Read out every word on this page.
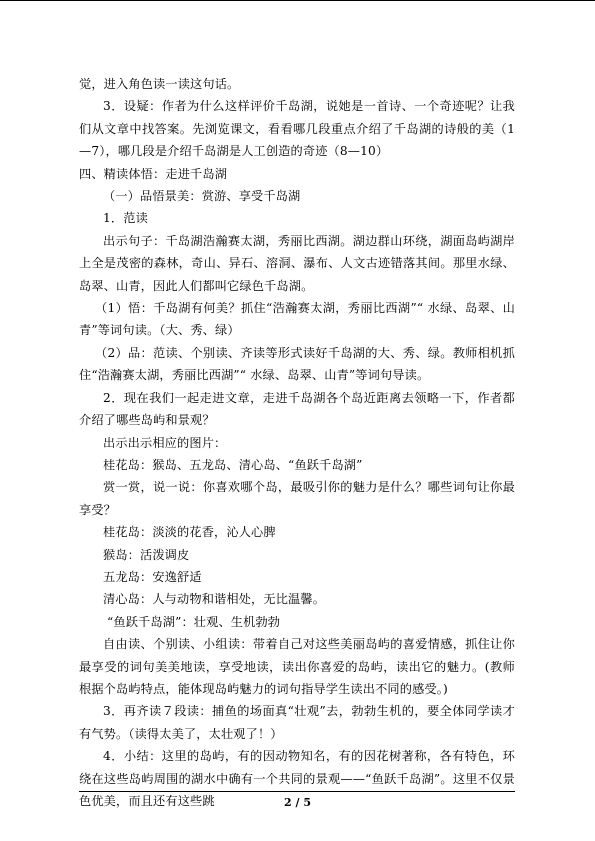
觉，进入角色读一读这句话。

3．设疑：作者为什么这样评价千岛湖，说她是一首诗、一个奇迹呢？让我们从文章中找答案。先浏览课文，看看哪几段重点介绍了千岛湖的诗般的美（1—7），哪几段是介绍千岛湖是人工创造的奇迹（8—10）

四、精读体悟：走进千岛湖

（一）品悟景美：赏游、享受千岛湖

1．范读

出示句子：千岛湖浩瀚赛太湖，秀丽比西湖。湖边群山环绕，湖面岛屿湖岸上全是茂密的森林，奇山、异石、溶洞、瀑布、人文古迹错落其间。那里水绿、岛翠、山青，因此人们都叫它绿色千岛湖。

（1）悟：千岛湖有何美？抓住“浩瀚赛太湖，秀丽比西湖”“ 水绿、岛翠、山青”等词句读。（大、秀、绿）

（2）品：范读、个别读、齐读等形式读好千岛湖的大、秀、绿。教师相机抓住“浩瀚赛太湖，秀丽比西湖”“ 水绿、岛翠、山青”等词句导读。

2．现在我们一起走进文章，走进千岛湖各个岛近距离去领略一下，作者都介绍了哪些岛屿和景观？

出示出示相应的图片：

桂花岛：猴岛、五龙岛、清心岛、“鱼跃千岛湖”

赏一赏，说一说：你喜欢哪个岛，最吸引你的魅力是什么？哪些词句让你最享受？

桂花岛：淡淡的花香，沁人心脾

猴岛：活泼调皮

五龙岛：安逸舒适

清心岛：人与动物和谐相处，无比温馨。

“鱼跃千岛湖”：壮观、生机勃勃

自由读、个别读、小组读：带着自己对这些美丽岛屿的喜爱情感，抓住让你最享受的词句美美地读，享受地读，读出你喜爱的岛屿，读出它的魅力。(教师根据个岛屿特点，能体现岛屿魅力的词句指导学生读出不同的感受。)

3．再齐读７段读：捕鱼的场面真“壮观”去，勃勃生机的，要全体同学读才有气势。（读得太美了，太壮观了！）

4．小结：这里的岛屿，有的因动物知名，有的因花树著称，各有特色，环绕在这些岛屿周围的湖水中确有一个共同的景观——“鱼跃千岛湖”。这里不仅景色优美，而且还有这些跳	2 / 5
